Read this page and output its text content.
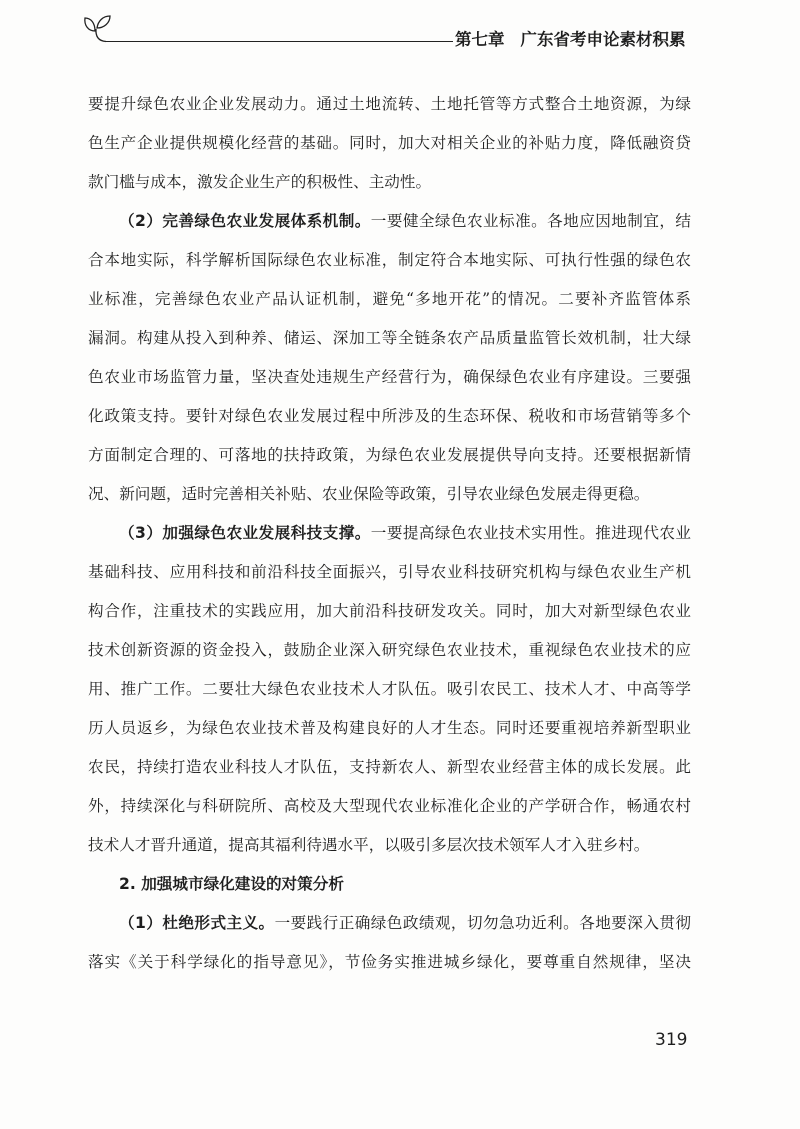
第七章 广东省考申论素材积累
要提升绿色农业企业发展动力。通过土地流转、土地托管等方式整合土地资源，为绿
色生产企业提供规模化经营的基础。同时，加大对相关企业的补贴力度，降低融资贷
款门槛与成本，激发企业生产的积极性、主动性。
（2）完善绿色农业发展体系机制。一要健全绿色农业标准。各地应因地制宜，结
合本地实际，科学解析国际绿色农业标准，制定符合本地实际、可执行性强的绿色农
业标准，完善绿色农业产品认证机制，避免“多地开花”的情况。二要补齐监管体系
漏洞。构建从投入到种养、储运、深加工等全链条农产品质量监管长效机制，壮大绿
色农业市场监管力量，坚决查处违规生产经营行为，确保绿色农业有序建设。三要强
化政策支持。要针对绿色农业发展过程中所涉及的生态环保、税收和市场营销等多个
方面制定合理的、可落地的扶持政策，为绿色农业发展提供导向支持。还要根据新情
况、新问题，适时完善相关补贴、农业保险等政策，引导农业绿色发展走得更稳。
（3）加强绿色农业发展科技支撑。一要提高绿色农业技术实用性。推进现代农业
基础科技、应用科技和前沿科技全面振兴，引导农业科技研究机构与绿色农业生产机
构合作，注重技术的实践应用，加大前沿科技研发攻关。同时，加大对新型绿色农业
技术创新资源的资金投入，鼓励企业深入研究绿色农业技术，重视绿色农业技术的应
用、推广工作。二要壮大绿色农业技术人才队伍。吸引农民工、技术人才、中高等学
历人员返乡，为绿色农业技术普及构建良好的人才生态。同时还要重视培养新型职业
农民，持续打造农业科技人才队伍，支持新农人、新型农业经营主体的成长发展。此
外，持续深化与科研院所、高校及大型现代农业标准化企业的产学研合作，畅通农村
技术人才晋升通道，提高其福利待遇水平，以吸引多层次技术领军人才入驻乡村。
2. 加强城市绿化建设的对策分析
（1）杜绝形式主义。一要践行正确绿色政绩观，切勿急功近利。各地要深入贯彻
落实《关于科学绿化的指导意见》，节俭务实推进城乡绿化，要尊重自然规律，坚决
319
